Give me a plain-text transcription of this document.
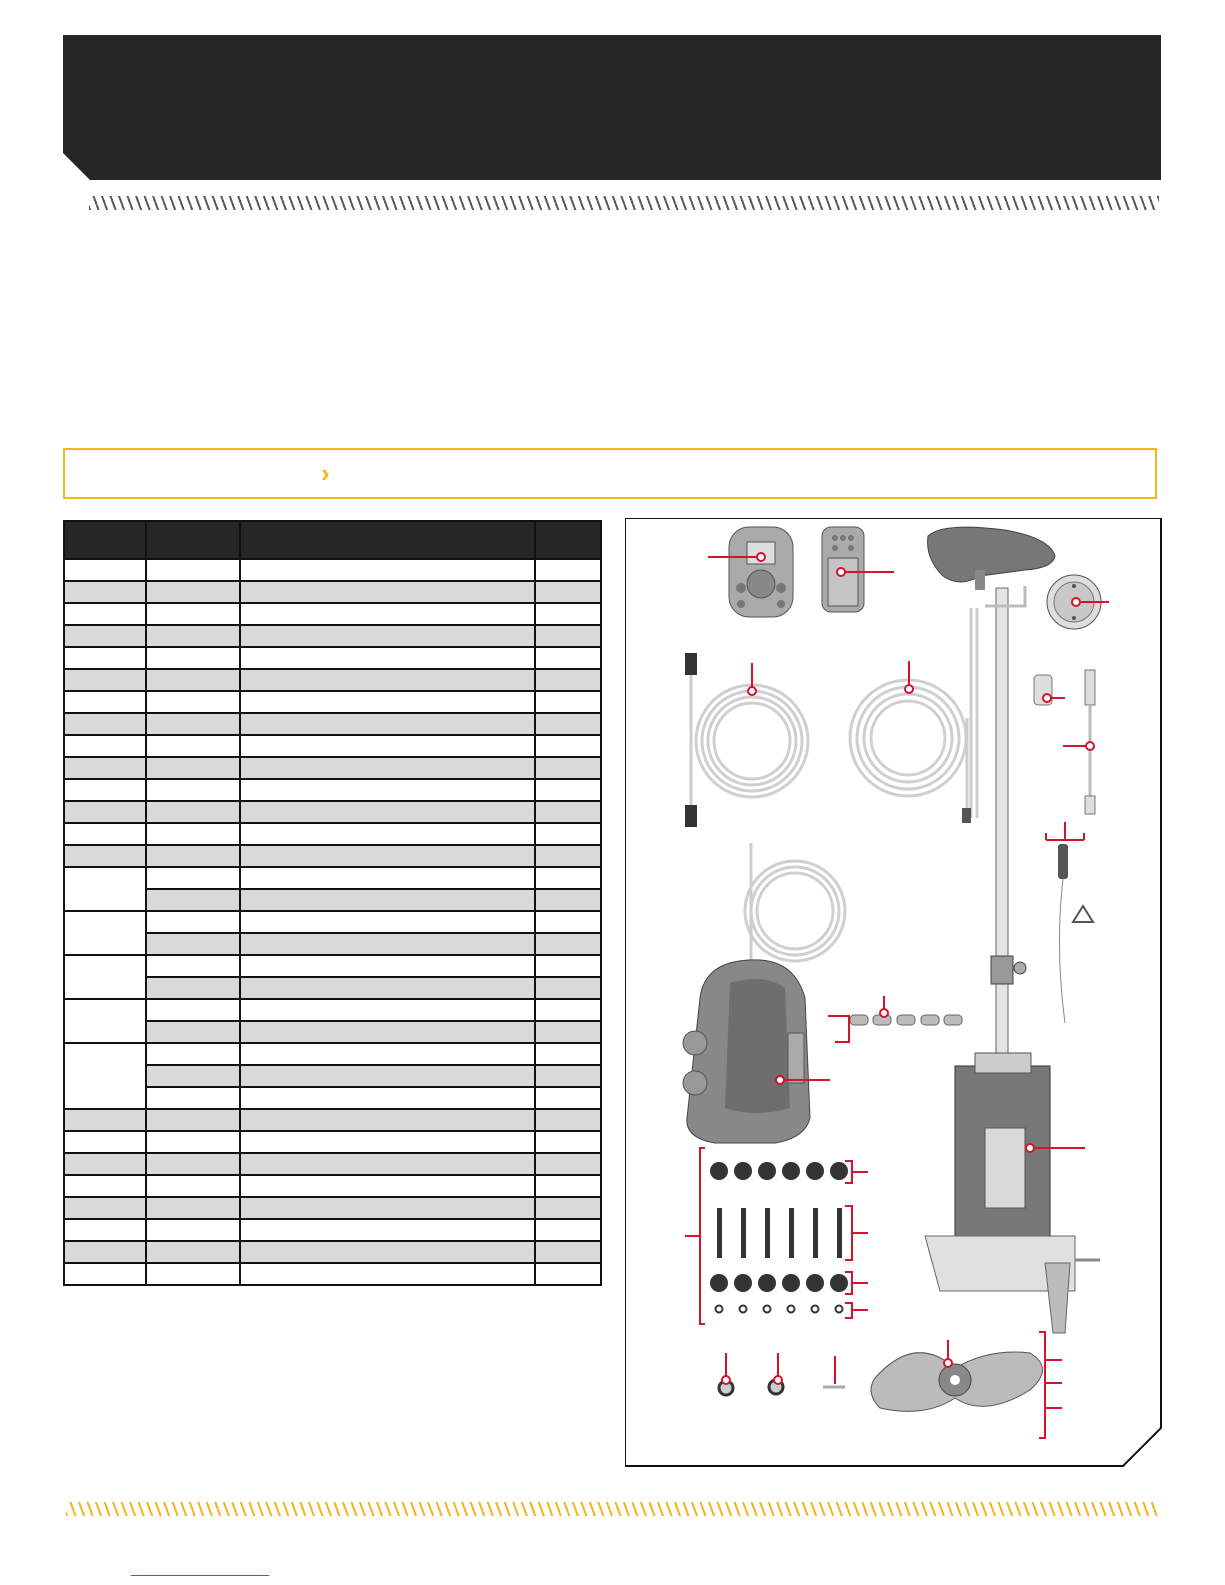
›
